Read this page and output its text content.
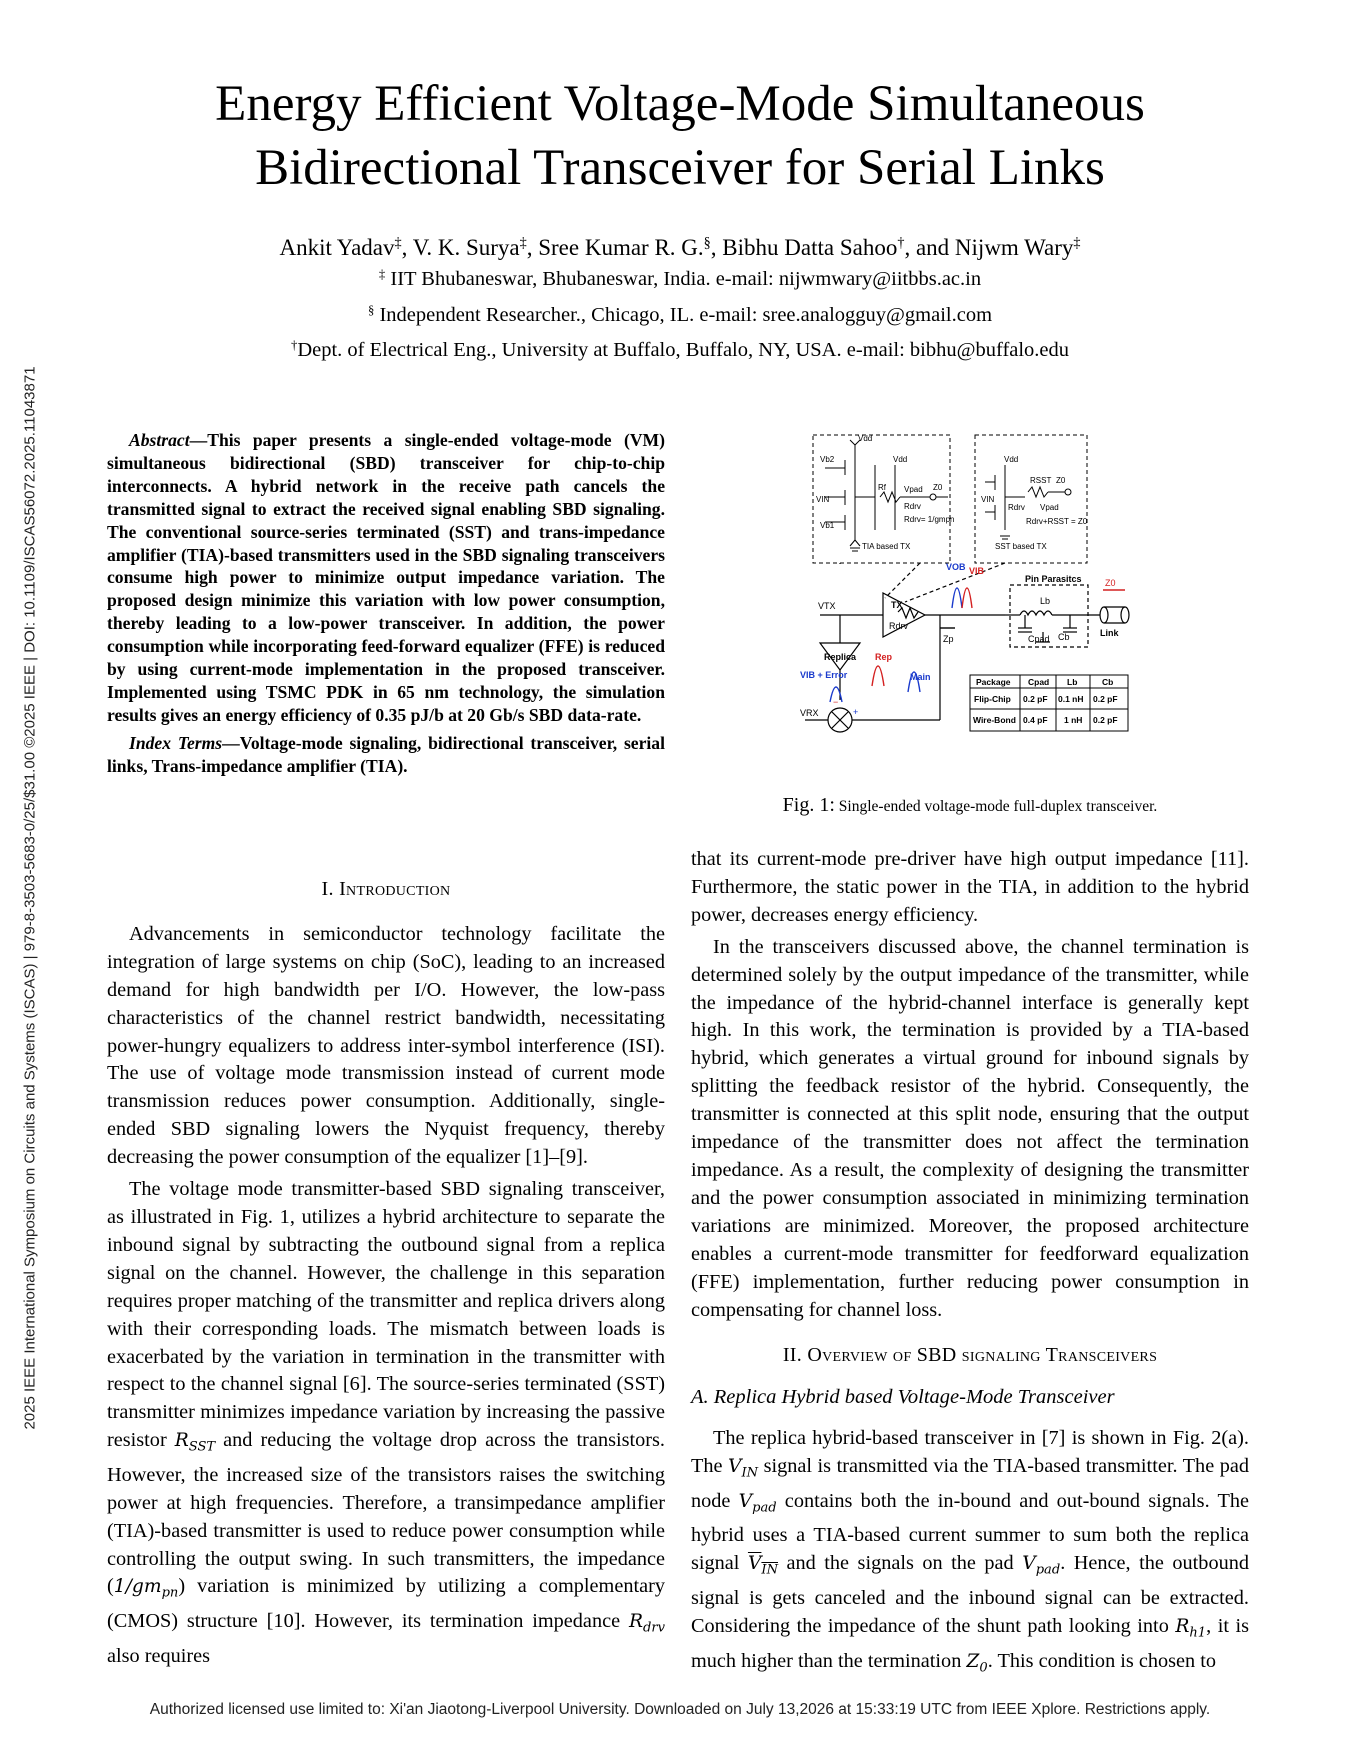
2025 IEEE International Symposium on Circuits and Systems (ISCAS) | 979-8-3503-5683-0/25/$31.00 ©2025 IEEE | DOI: 10.1109/ISCAS56072.2025.11043871
Energy Efficient Voltage-Mode Simultaneous
Bidirectional Transceiver for Serial Links
Ankit Yadav‡, V. K. Surya‡, Sree Kumar R. G.§, Bibhu Datta Sahoo†, and Nijwm Wary‡
‡ IIT Bhubaneswar, Bhubaneswar, India. e-mail: nijwmwary@iitbbs.ac.in
§ Independent Researcher., Chicago, IL. e-mail: sree.analogguy@gmail.com
†Dept. of Electrical Eng., University at Buffalo, Buffalo, NY, USA. e-mail: bibhu@buffalo.edu

Abstract—This paper presents a single-ended voltage-mode (VM) simultaneous bidirectional (SBD) transceiver for chip-to-chip interconnects. A hybrid network in the receive path cancels the transmitted signal to extract the received signal enabling SBD signaling. The conventional source-series terminated (SST) and trans-impedance amplifier (TIA)-based transmitters used in the SBD signaling transceivers consume high power to minimize output impedance variation. The proposed design minimize this variation with low power consumption, thereby leading to a low-power transceiver. In addition, the power consumption while incorporating feed-forward equalizer (FFE) is reduced by using current-mode implementation in the proposed transceiver. Implemented using TSMC PDK in 65 nm technology, the simulation results gives an energy efficiency of 0.35 pJ/b at 20 Gb/s SBD data-rate.

Index Terms—Voltage-mode signaling, bidirectional transceiver, serial links, Trans-impedance amplifier (TIA).

I. Introduction

Advancements in semiconductor technology facilitate the integration of large systems on chip (SoC), leading to an increased demand for high bandwidth per I/O. However, the low-pass characteristics of the channel restrict bandwidth, necessitating power-hungry equalizers to address inter-symbol interference (ISI). The use of voltage mode transmission instead of current mode transmission reduces power consumption. Additionally, single-ended SBD signaling lowers the Nyquist frequency, thereby decreasing the power consumption of the equalizer [1]–[9].

The voltage mode transmitter-based SBD signaling transceiver, as illustrated in Fig. 1, utilizes a hybrid architecture to separate the inbound signal by subtracting the outbound signal from a replica signal on the channel. However, the challenge in this separation requires proper matching of the transmitter and replica drivers along with their corresponding loads. The mismatch between loads is exacerbated by the variation in termination in the transmitter with respect to the channel signal [6]. The source-series terminated (SST) transmitter minimizes impedance variation by increasing the passive resistor $R_{SST}$ and reducing the voltage drop across the transistors. However, the increased size of the transistors raises the switching power at high frequencies. Therefore, a transimpedance amplifier (TIA)-based transmitter is used to reduce power consumption while controlling the output swing. In such transmitters, the impedance $(1/gm_{pn})$ variation is minimized by utilizing a complementary (CMOS) structure [10]. However, its termination impedance $R_{drv}$ also requires

Vdd
Vb2
VIN
Vb1
Vdd
Rf Vpad
Rdrv
Z0
Rdrv= 1/gmpn
TIA based TX
Vdd
VIN
RSST Z0
Rdrv Vpad
Rdrv+RSST = Z0
SST based TX
VTX	TX
Rdrv
VOB VIB
Pin Parasitcs
Lb
Cpad Cb
Z0
Link
Zp
Replica Rep
Main
VIB + Error
VRX
−
+
Package Cpad Lb	Cb
Flip-Chip 0.2 pF 0.1 nH 0.2 pF
Wire-Bond 0.4 pF 1 nH 0.2 pF
Fig. 1: Single-ended voltage-mode full-duplex transceiver.

that its current-mode pre-driver have high output impedance [11]. Furthermore, the static power in the TIA, in addition to the hybrid power, decreases energy efficiency.

In the transceivers discussed above, the channel termination is determined solely by the output impedance of the transmitter, while the impedance of the hybrid-channel interface is generally kept high. In this work, the termination is provided by a TIA-based hybrid, which generates a virtual ground for inbound signals by splitting the feedback resistor of the hybrid. Consequently, the transmitter is connected at this split node, ensuring that the output impedance of the transmitter does not affect the termination impedance. As a result, the complexity of designing the transmitter and the power consumption associated in minimizing termination variations are minimized. Moreover, the proposed architecture enables a current-mode transmitter for feedforward equalization (FFE) implementation, further reducing power consumption in compensating for channel loss.

II. Overview of SBD signaling Transceivers

A. Replica Hybrid based Voltage-Mode Transceiver

The replica hybrid-based transceiver in [7] is shown in Fig. 2(a). The $V_{IN}$ signal is transmitted via the TIA-based transmitter. The pad node $V_{pad}$ contains both the in-bound and out-bound signals. The hybrid uses a TIA-based current summer to sum both the replica signal $V_{IN}$ and the signals on the pad $V_{pad}$. Hence, the outbound signal is gets canceled and the inbound signal can be extracted. Considering the impedance of the shunt path looking into $R_{h1}$, it is much higher than the termination $Z_0$. This condition is chosen to

Authorized licensed use limited to: Xi'an Jiaotong-Liverpool University. Downloaded on July 13,2026 at 15:33:19 UTC from IEEE Xplore. Restrictions apply.
